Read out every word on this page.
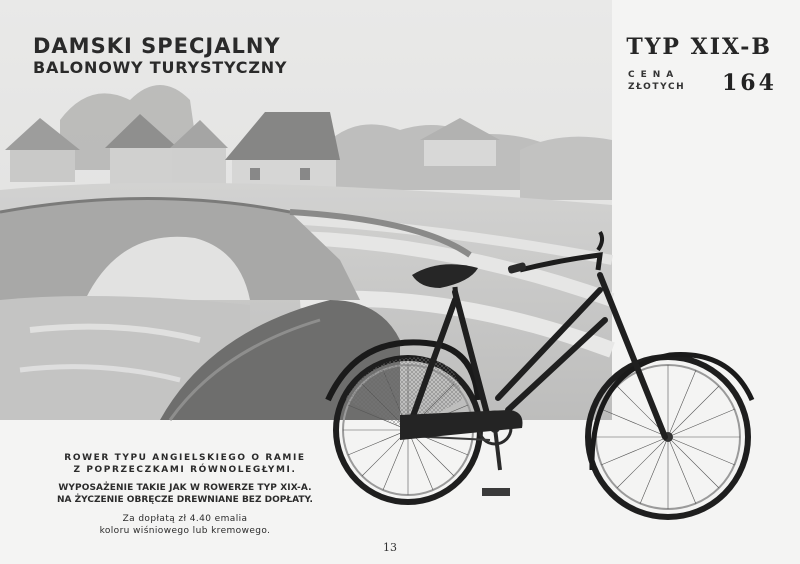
DAMSKI SPECJALNY

BALONOWY TURYSTYCZNY

TYP XIX-B

CENA
ZŁOTYCH 164
ROWER TYPU ANGIELSKIEGO O RAMIE
Z POPRZECZKAMI RÓWNOLEGŁYMI.
WYPOSAŻENIE TAKIE JAK W ROWERZE TYP XIX-A.
NA ŻYCZENIE OBRĘCZE DREWNIANE BEZ DOPŁATY.
Za dopłatą zł 4.40 emalia
koloru wiśniowego lub kremowego.
13
